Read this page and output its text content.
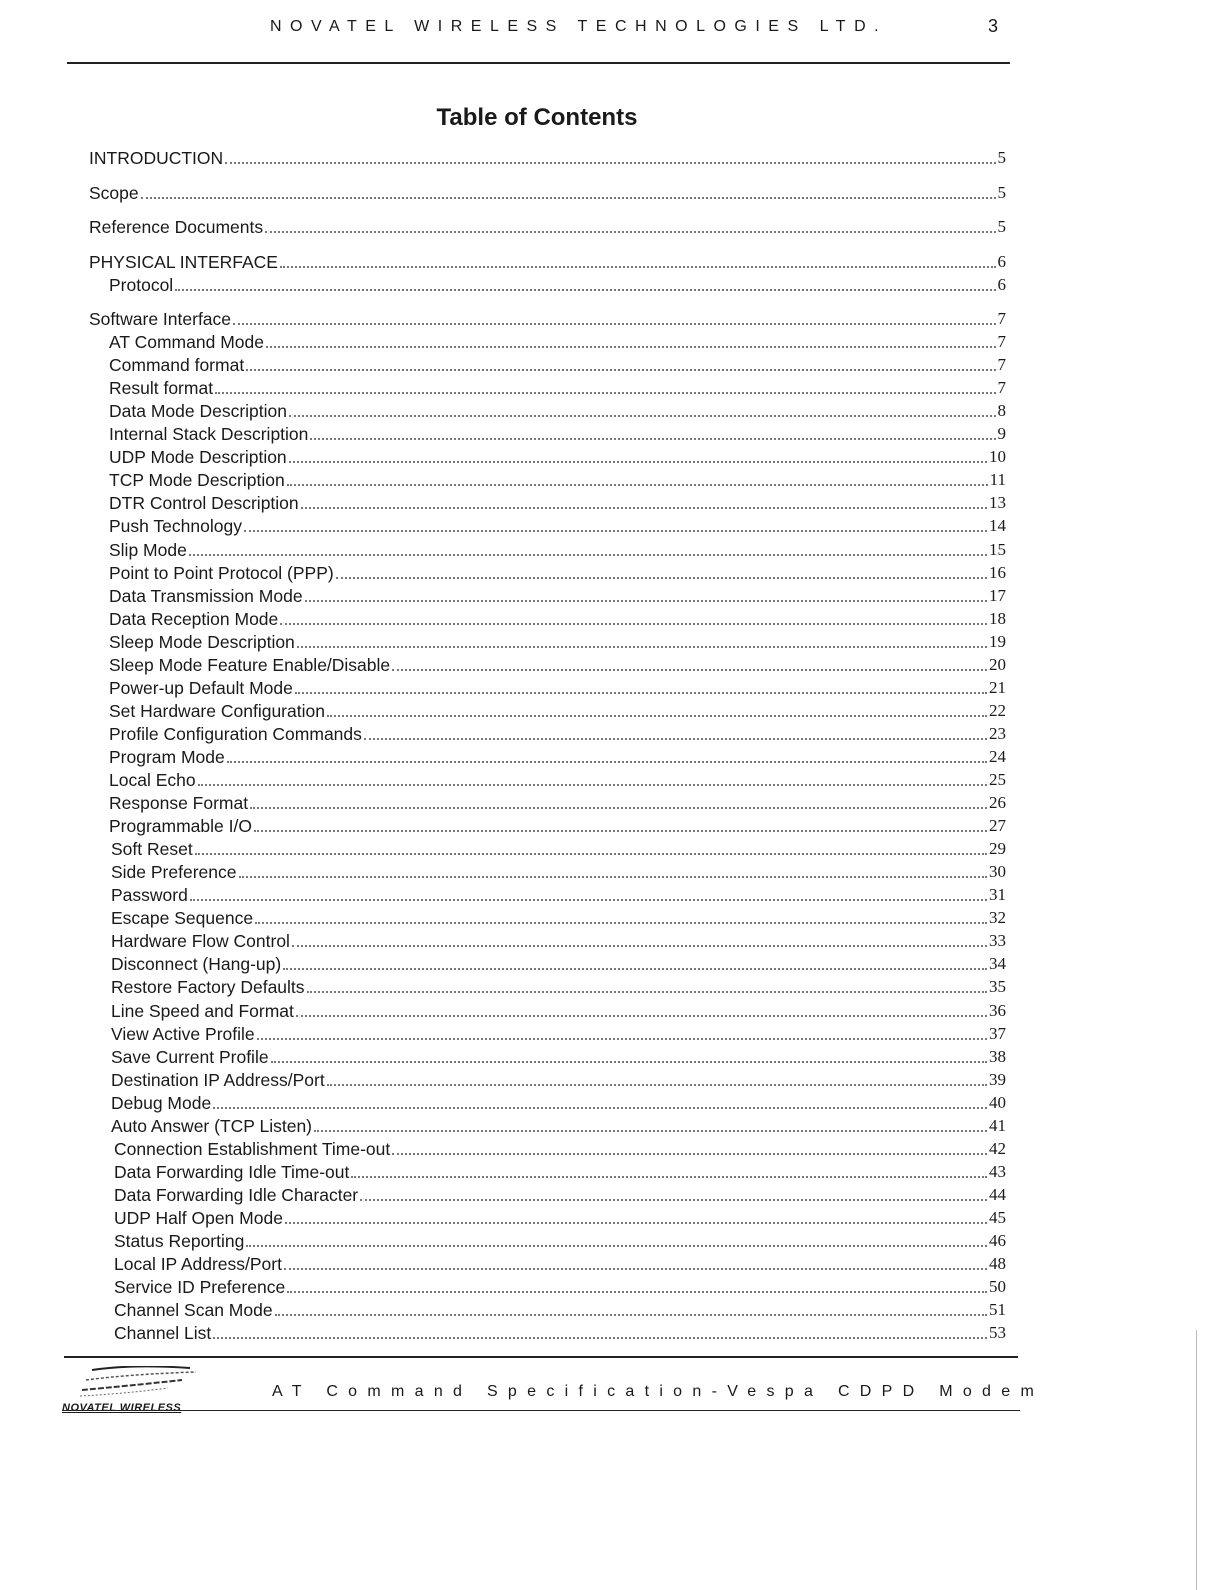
NOVATEL WIRELESS TECHNOLOGIES LTD.	3
Table of Contents
INTRODUCTION	5
Scope	5
Reference Documents	5
PHYSICAL INTERFACE	6
Protocol	6
Software Interface	7
AT Command Mode	7
Command format	7
Result format	7
Data Mode Description	8
Internal Stack Description	9
UDP Mode Description	10
TCP Mode Description	11
DTR Control Description	13
Push Technology	14
Slip Mode	15
Point to Point Protocol (PPP)	16
Data Transmission Mode	17
Data Reception Mode	18
Sleep Mode Description	19
Sleep Mode Feature Enable/Disable	20
Power-up Default Mode	21
Set Hardware Configuration	22
Profile Configuration Commands	23
Program Mode	24
Local Echo	25
Response Format	26
Programmable I/O	27
Soft Reset	29
Side Preference	30
Password	31
Escape Sequence	32
Hardware Flow Control	33
Disconnect (Hang-up)	34
Restore Factory Defaults	35
Line Speed and Format	36
View Active Profile	37
Save Current Profile	38
Destination IP Address/Port	39
Debug Mode	40
Auto Answer (TCP Listen)	41
Connection Establishment Time-out	42
Data Forwarding Idle Time-out	43
Data Forwarding Idle Character	44
UDP Half Open Mode	45
Status Reporting	46
Local IP Address/Port	48
Service ID Preference	50
Channel Scan Mode	51
Channel List	53
NOVATEL WIRELESS
AT Command Specification-Vespa CDPD Modem
